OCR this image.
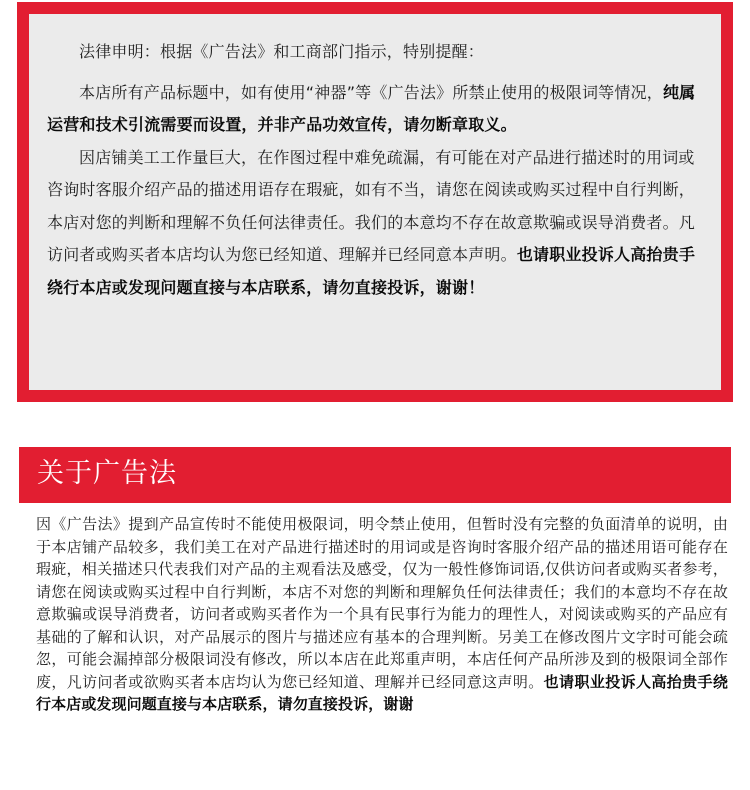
法律申明：根据《广告法》和工商部门指示，特别提醒：

本店所有产品标题中，如有使用“神器”等《广告法》所禁止使用的极限词等情况，纯属运营和技术引流需要而设置，并非产品功效宣传，请勿断章取义。

因店铺美工工作量巨大，在作图过程中难免疏漏，有可能在对产品进行描述时的用词或咨询时客服介绍产品的描述用语存在瑕疵，如有不当，请您在阅读或购买过程中自行判断，本店对您的判断和理解不负任何法律责任。我们的本意均不存在故意欺骗或误导消费者。凡访问者或购买者本店均认为您已经知道、理解并已经同意本声明。也请职业投诉人高抬贵手绕行本店或发现问题直接与本店联系，请勿直接投诉，谢谢！

关于广告法
因《广告法》提到产品宣传时不能使用极限词，明令禁止使用，但暂时没有完整的负面清单的说明，由于本店铺产品较多，我们美工在对产品进行描述时的用词或是咨询时客服介绍产品的描述用语可能存在瑕疵，相关描述只代表我们对产品的主观看法及感受，仅为一般性修饰词语,仅供访问者或购买者参考，请您在阅读或购买过程中自行判断，本店不对您的判断和理解负任何法律责任；我们的本意均不存在故意欺骗或误导消费者，访问者或购买者作为一个具有民事行为能力的理性人，对阅读或购买的产品应有基础的了解和认识，对产品展示的图片与描述应有基本的合理判断。另美工在修改图片文字时可能会疏忽，可能会漏掉部分极限词没有修改，所以本店在此郑重声明，本店任何产品所涉及到的极限词全部作废，凡访问者或欲购买者本店均认为您已经知道、理解并已经同意这声明。也请职业投诉人高抬贵手绕行本店或发现问题直接与本店联系，请勿直接投诉，谢谢
